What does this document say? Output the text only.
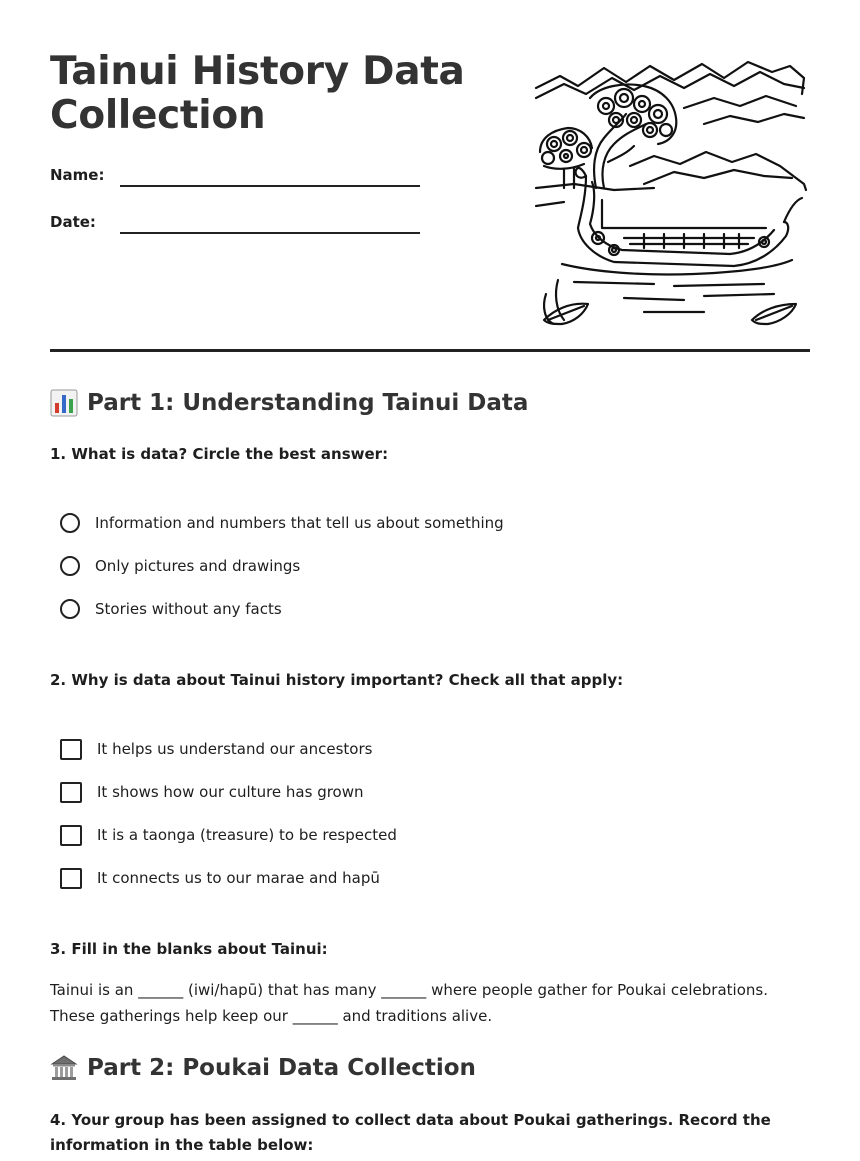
Tainui History Data Collection
Name:
Date:
Part 1: Understanding Tainui Data

1. What is data? Circle the best answer:

Information and numbers that tell us about something
Only pictures and drawings
Stories without any facts

2. Why is data about Tainui history important? Check all that apply:

It helps us understand our ancestors
It shows how our culture has grown
It is a taonga (treasure) to be respected
It connects us to our marae and hapū

3. Fill in the blanks about Tainui:

Tainui is an ______ (iwi/hapū) that has many ______ where people gather for Poukai celebrations. These gatherings help keep our ______ and traditions alive.

Part 2: Poukai Data Collection

4. Your group has been assigned to collect data about Poukai gatherings. Record the information in the table below:
